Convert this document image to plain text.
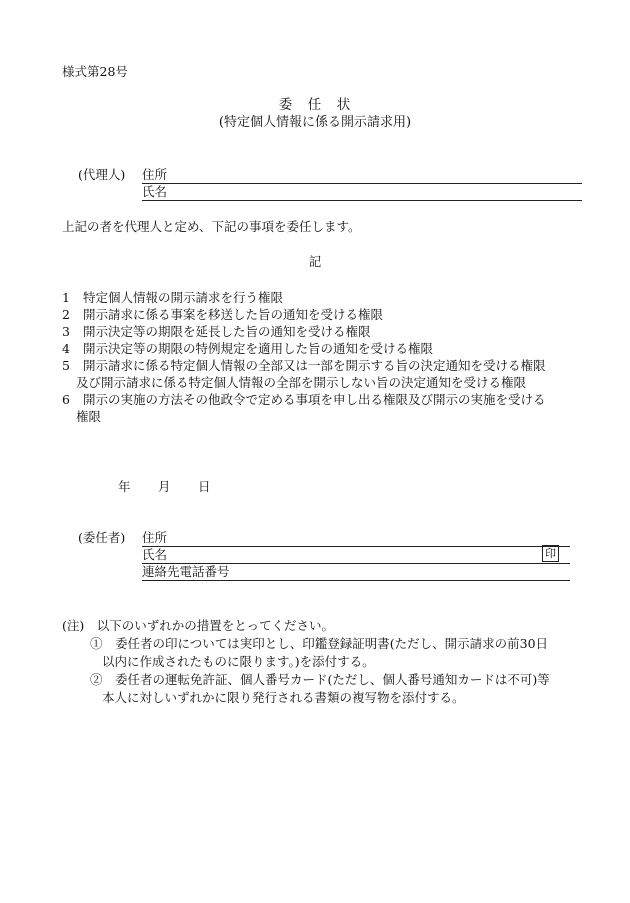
様式第28号
委　任　状
(特定個人情報に係る開示請求用)
(代理人) 住所
氏名
上記の者を代理人と定め、下記の事項を委任します。
記
1 特定個人情報の開示請求を行う権限
2 開示請求に係る事案を移送した旨の通知を受ける権限
3 開示決定等の期限を延長した旨の通知を受ける権限
4 開示決定等の期限の特例規定を適用した旨の通知を受ける権限
5 開示請求に係る特定個人情報の全部又は一部を開示する旨の決定通知を受ける権限
及び開示請求に係る特定個人情報の全部を開示しない旨の決定通知を受ける権限
6 開示の実施の方法その他政令で定める事項を申し出る権限及び開示の実施を受ける
権限
年 月 日
(委任者) 住所
氏名	印
連絡先電話番号
(注)　以下のいずれかの措置をとってください。
①　委任者の印については実印とし、印鑑登録証明書(ただし、開示請求の前30日
以内に作成されたものに限ります。)を添付する。
②　委任者の運転免許証、個人番号カード(ただし、個人番号通知カードは不可)等
本人に対しいずれかに限り発行される書類の複写物を添付する。
